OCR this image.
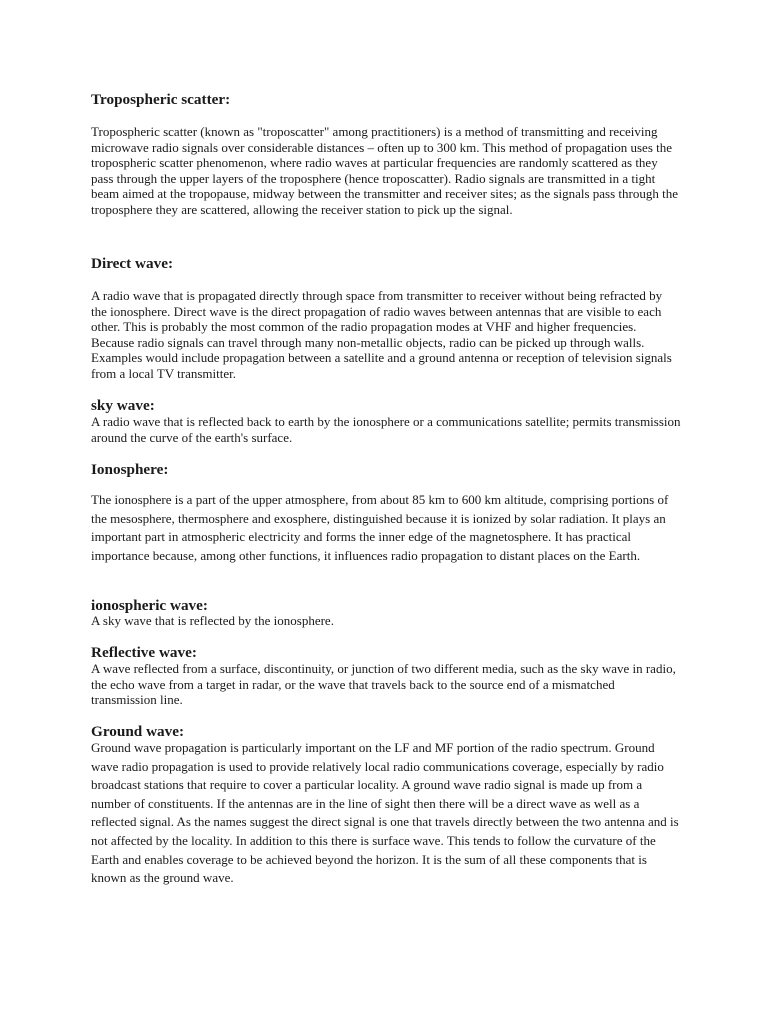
Tropospheric scatter:

Tropospheric scatter (known as "troposcatter" among practitioners) is a method of transmitting and receiving microwave radio signals over considerable distances – often up to 300 km. This method of propagation uses the tropospheric scatter phenomenon, where radio waves at particular frequencies are randomly scattered as they pass through the upper layers of the troposphere (hence troposcatter). Radio signals are transmitted in a tight beam aimed at the tropopause, midway between the transmitter and receiver sites; as the signals pass through the troposphere they are scattered, allowing the receiver station to pick up the signal.

Direct wave:

A radio wave that is propagated directly through space from transmitter to receiver without being refracted by the ionosphere. Direct wave is the direct propagation of radio waves between antennas that are visible to each other. This is probably the most common of the radio propagation modes at VHF and higher frequencies. Because radio signals can travel through many non-metallic objects, radio can be picked up through walls. Examples would include propagation between a satellite and a ground antenna or reception of television signals from a local TV transmitter.

sky wave:

A radio wave that is reflected back to earth by the ionosphere or a communications satellite; permits transmission around the curve of the earth's surface.

Ionosphere:

The ionosphere is a part of the upper atmosphere, from about 85 km to 600 km altitude, comprising portions of the mesosphere, thermosphere and exosphere, distinguished because it is ionized by solar radiation. It plays an important part in atmospheric electricity and forms the inner edge of the magnetosphere. It has practical importance because, among other functions, it influences radio propagation to distant places on the Earth.

ionospheric wave:

A sky wave that is reflected by the ionosphere.

Reflective wave:

A wave reflected from a surface, discontinuity, or junction of two different media, such as the sky wave in radio, the echo wave from a target in radar, or the wave that travels back to the source end of a mismatched transmission line.

Ground wave:

Ground wave propagation is particularly important on the LF and MF portion of the radio spectrum. Ground wave radio propagation is used to provide relatively local radio communications coverage, especially by radio broadcast stations that require to cover a particular locality. A ground wave radio signal is made up from a number of constituents. If the antennas are in the line of sight then there will be a direct wave as well as a reflected signal. As the names suggest the direct signal is one that travels directly between the two antenna and is not affected by the locality. In addition to this there is surface wave. This tends to follow the curvature of the Earth and enables coverage to be achieved beyond the horizon. It is the sum of all these components that is known as the ground wave.
